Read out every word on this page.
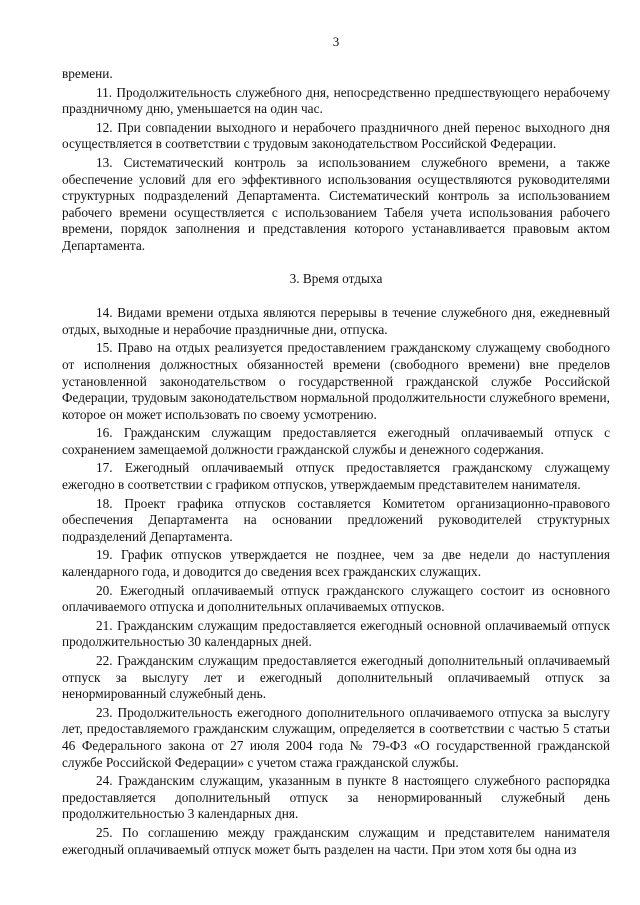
3

времени.

11. Продолжительность служебного дня, непосредственно предшествующего нерабочему праздничному дню, уменьшается на один час.

12. При совпадении выходного и нерабочего праздничного дней перенос выходного дня осуществляется в соответствии с трудовым законодательством Российской Федерации.

13. Систематический контроль за использованием служебного времени, а также обеспечение условий для его эффективного использования осуществляются руководителями структурных подразделений Департамента. Систематический контроль за использованием рабочего времени осуществляется с использованием Табеля учета использования рабочего времени, порядок заполнения и представления которого устанавливается правовым актом Департамента.

3. Время отдыха

14. Видами времени отдыха являются перерывы в течение служебного дня, ежедневный отдых, выходные и нерабочие праздничные дни, отпуска.

15. Право на отдых реализуется предоставлением гражданскому служащему свободного от исполнения должностных обязанностей времени (свободного времени) вне пределов установленной законодательством о государственной гражданской службе Российской Федерации, трудовым законодательством нормальной продолжительности служебного времени, которое он может использовать по своему усмотрению.

16. Гражданским служащим предоставляется ежегодный оплачиваемый отпуск с сохранением замещаемой должности гражданской службы и денежного содержания.

17. Ежегодный оплачиваемый отпуск предоставляется гражданскому служащему ежегодно в соответствии с графиком отпусков, утверждаемым представителем нанимателя.

18. Проект графика отпусков составляется Комитетом организационно-правового обеспечения Департамента на основании предложений руководителей структурных подразделений Департамента.

19. График отпусков утверждается не позднее, чем за две недели до наступления календарного года, и доводится до сведения всех гражданских служащих.

20. Ежегодный оплачиваемый отпуск гражданского служащего состоит из основного оплачиваемого отпуска и дополнительных оплачиваемых отпусков.

21. Гражданским служащим предоставляется ежегодный основной оплачиваемый отпуск продолжительностью 30 календарных дней.

22. Гражданским служащим предоставляется ежегодный дополнительный оплачиваемый отпуск за выслугу лет и ежегодный дополнительный оплачиваемый отпуск за ненормированный служебный день.

23. Продолжительность ежегодного дополнительного оплачиваемого отпуска за выслугу лет, предоставляемого гражданским служащим, определяется в соответствии с частью 5 статьи 46 Федерального закона от 27 июля 2004 года № 79-ФЗ «О государственной гражданской службе Российской Федерации» с учетом стажа гражданской службы.

24. Гражданским служащим, указанным в пункте 8 настоящего служебного распорядка предоставляется дополнительный отпуск за ненормированный служебный день продолжительностью 3 календарных дня.

25. По соглашению между гражданским служащим и представителем нанимателя ежегодный оплачиваемый отпуск может быть разделен на части. При этом хотя бы одна из
